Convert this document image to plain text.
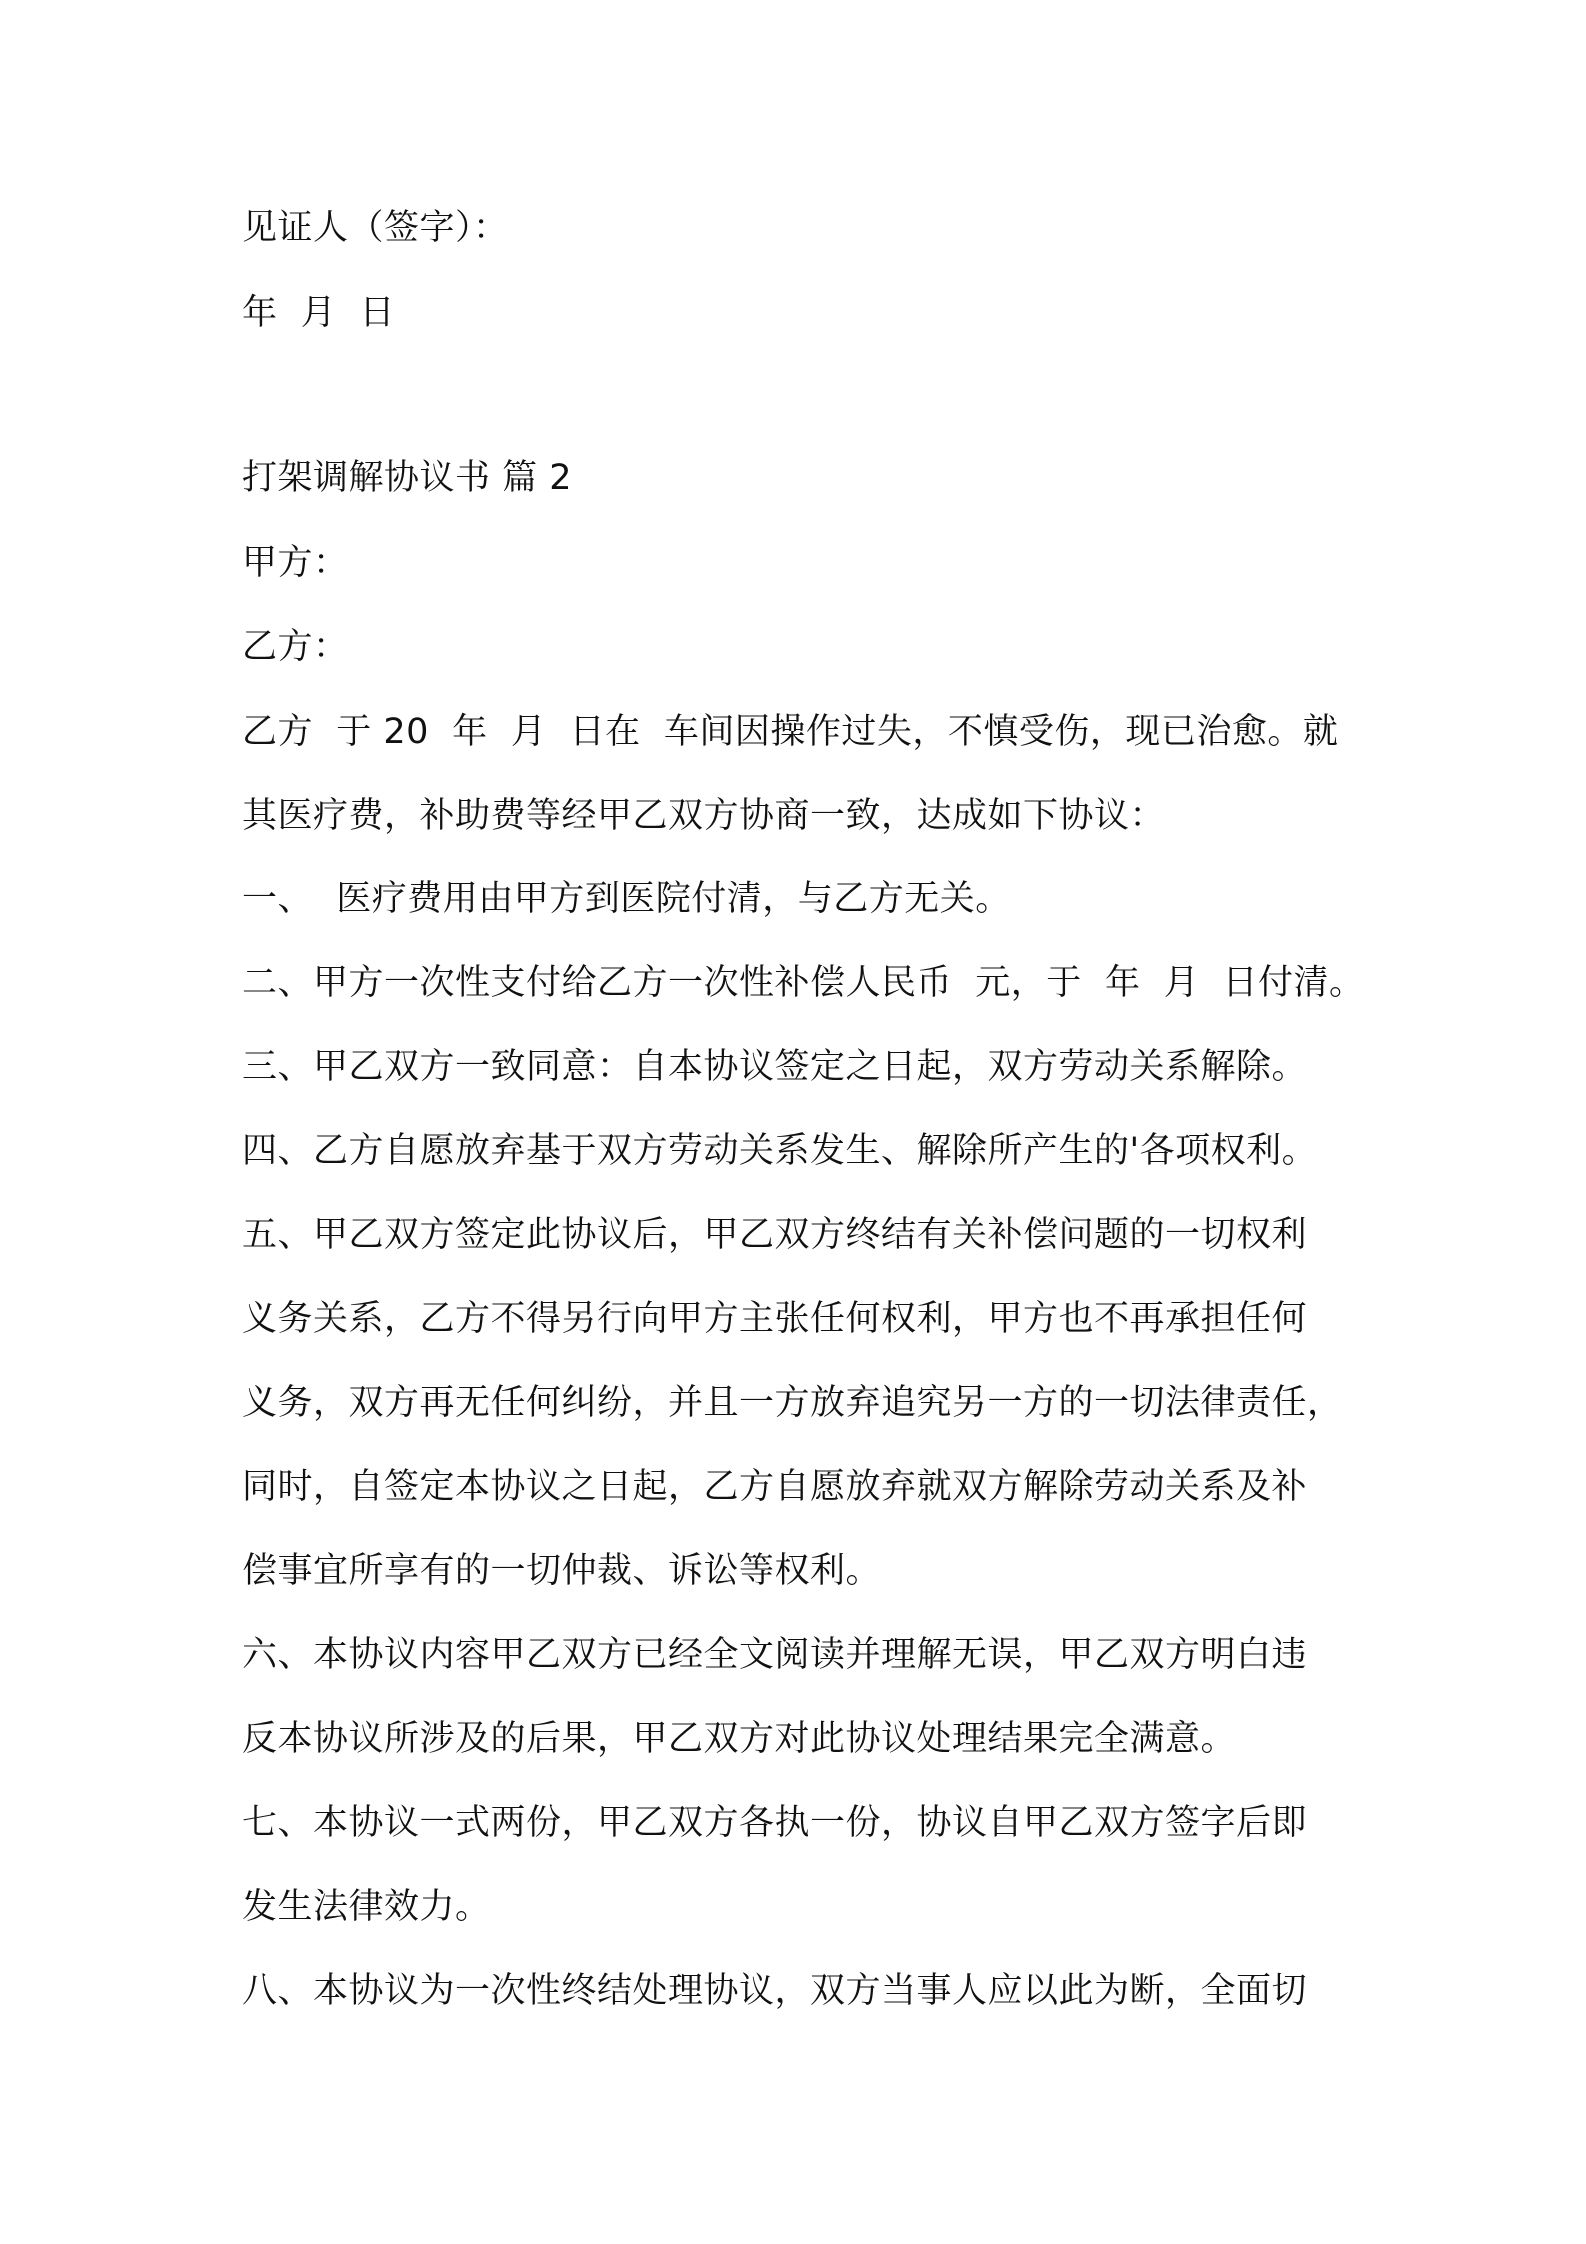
见证人（签字）：
年  月  日
打架调解协议书 篇 2
甲方：
乙方：
乙方  于 20  年  月  日在  车间因操作过失，不慎受伤，现已治愈。就
其医疗费，补助费等经甲乙双方协商一致，达成如下协议：
一、  医疗费用由甲方到医院付清，与乙方无关。
二、甲方一次性支付给乙方一次性补偿人民币  元，于  年  月  日付清。
三、甲乙双方一致同意：自本协议签定之日起，双方劳动关系解除。
四、乙方自愿放弃基于双方劳动关系发生、解除所产生的'各项权利。
五、甲乙双方签定此协议后，甲乙双方终结有关补偿问题的一切权利
义务关系，乙方不得另行向甲方主张任何权利，甲方也不再承担任何
义务，双方再无任何纠纷，并且一方放弃追究另一方的一切法律责任，
同时，自签定本协议之日起，乙方自愿放弃就双方解除劳动关系及补
偿事宜所享有的一切仲裁、诉讼等权利。
六、本协议内容甲乙双方已经全文阅读并理解无误，甲乙双方明白违
反本协议所涉及的后果，甲乙双方对此协议处理结果完全满意。
七、本协议一式两份，甲乙双方各执一份，协议自甲乙双方签字后即
发生法律效力。
八、本协议为一次性终结处理协议，双方当事人应以此为断，全面切
